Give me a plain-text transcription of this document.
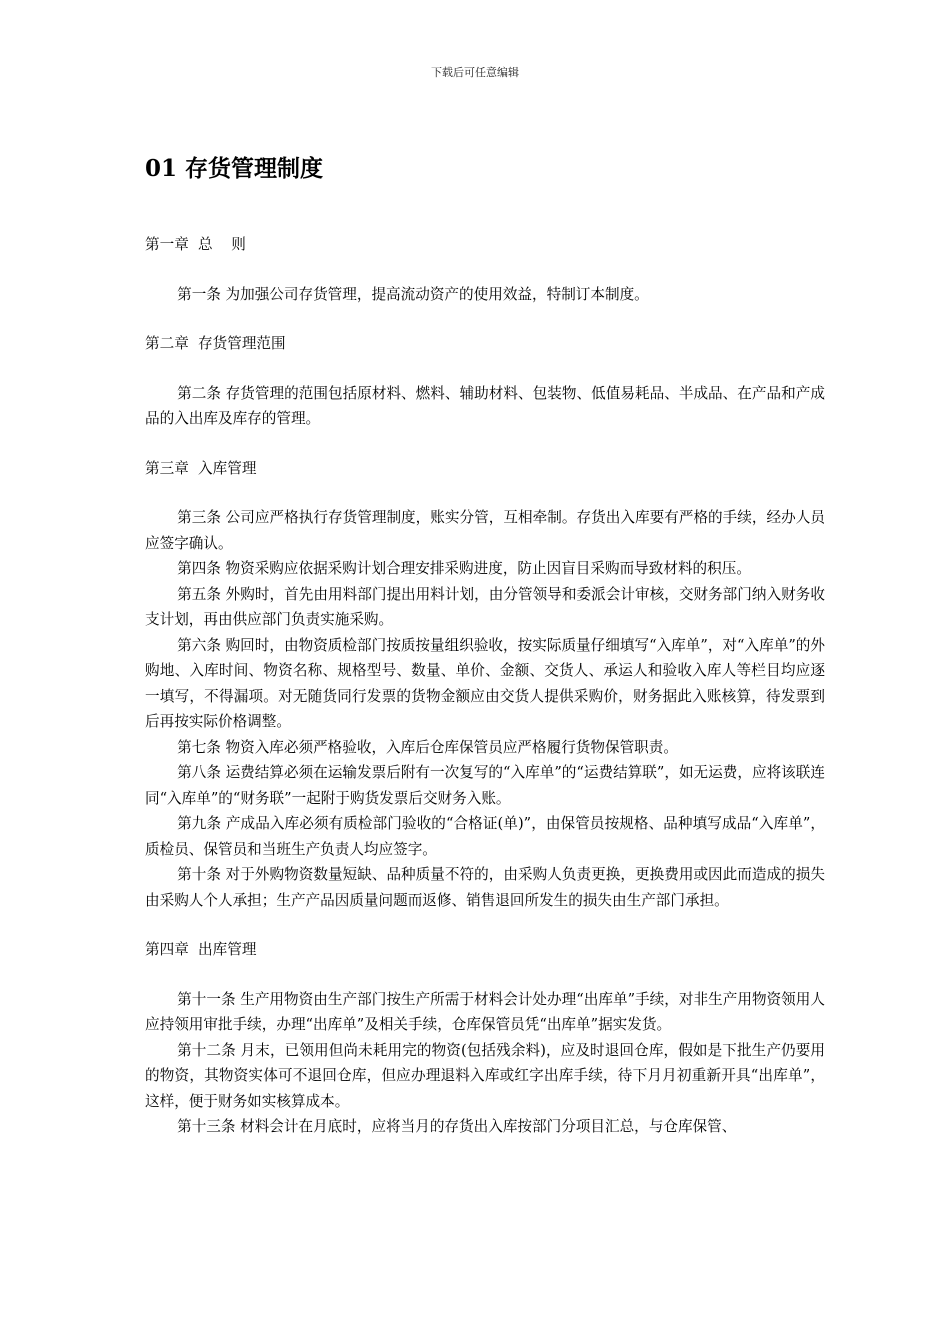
下载后可任意编辑
01 存货管理制度

第一章  总    则

第一条 为加强公司存货管理，提高流动资产的使用效益，特制订本制度。

第二章  存货管理范围

第二条 存货管理的范围包括原材料、燃料、辅助材料、包装物、低值易耗品、半成品、在产品和产成品的入出库及库存的管理。

第三章  入库管理

第三条 公司应严格执行存货管理制度，账实分管，互相牵制。存货出入库要有严格的手续，经办人员应签字确认。

第四条 物资采购应依据采购计划合理安排采购进度，防止因盲目采购而导致材料的积压。

第五条 外购时，首先由用料部门提出用料计划，由分管领导和委派会计审核，交财务部门纳入财务收支计划，再由供应部门负责实施采购。

第六条 购回时，由物资质检部门按质按量组织验收，按实际质量仔细填写“入库单”，对“入库单”的外购地、入库时间、物资名称、规格型号、数量、单价、金额、交货人、承运人和验收入库人等栏目均应逐一填写，不得漏项。对无随货同行发票的货物金额应由交货人提供采购价，财务据此入账核算，待发票到后再按实际价格调整。

第七条 物资入库必须严格验收，入库后仓库保管员应严格履行货物保管职责。

第八条 运费结算必须在运输发票后附有一次复写的“入库单”的“运费结算联”，如无运费，应将该联连同“入库单”的“财务联”一起附于购货发票后交财务入账。

第九条 产成品入库必须有质检部门验收的“合格证(单)”，由保管员按规格、品种填写成品“入库单”，质检员、保管员和当班生产负责人均应签字。

第十条 对于外购物资数量短缺、品种质量不符的，由采购人负责更换，更换费用或因此而造成的损失由采购人个人承担；生产产品因质量问题而返修、销售退回所发生的损失由生产部门承担。

第四章  出库管理

第十一条 生产用物资由生产部门按生产所需于材料会计处办理“出库单”手续，对非生产用物资领用人应持领用审批手续，办理“出库单”及相关手续，仓库保管员凭“出库单”据实发货。

第十二条 月末，已领用但尚未耗用完的物资(包括残余料)，应及时退回仓库，假如是下批生产仍要用的物资，其物资实体可不退回仓库，但应办理退料入库或红字出库手续，待下月月初重新开具“出库单”，这样，便于财务如实核算成本。

第十三条 材料会计在月底时，应将当月的存货出入库按部门分项目汇总，与仓库保管、
